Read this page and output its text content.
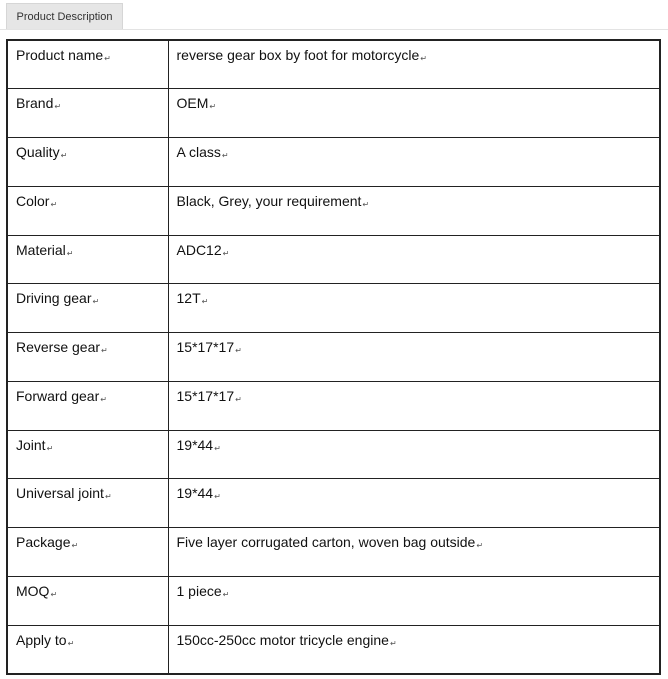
Product Description
Product name↵	reverse gear box by foot for motorcycle↵
Brand↵	OEM↵
Quality↵	A class↵
Color↵	Black, Grey, your requirement↵
Material↵	ADC12↵
Driving gear↵	12T↵
Reverse gear↵	15*17*17↵
Forward gear↵	15*17*17↵
Joint↵	19*44↵
Universal joint↵	19*44↵
Package↵	Five layer corrugated carton, woven bag outside↵
MOQ↵	1 piece↵
Apply to↵	150cc-250cc motor tricycle engine↵
